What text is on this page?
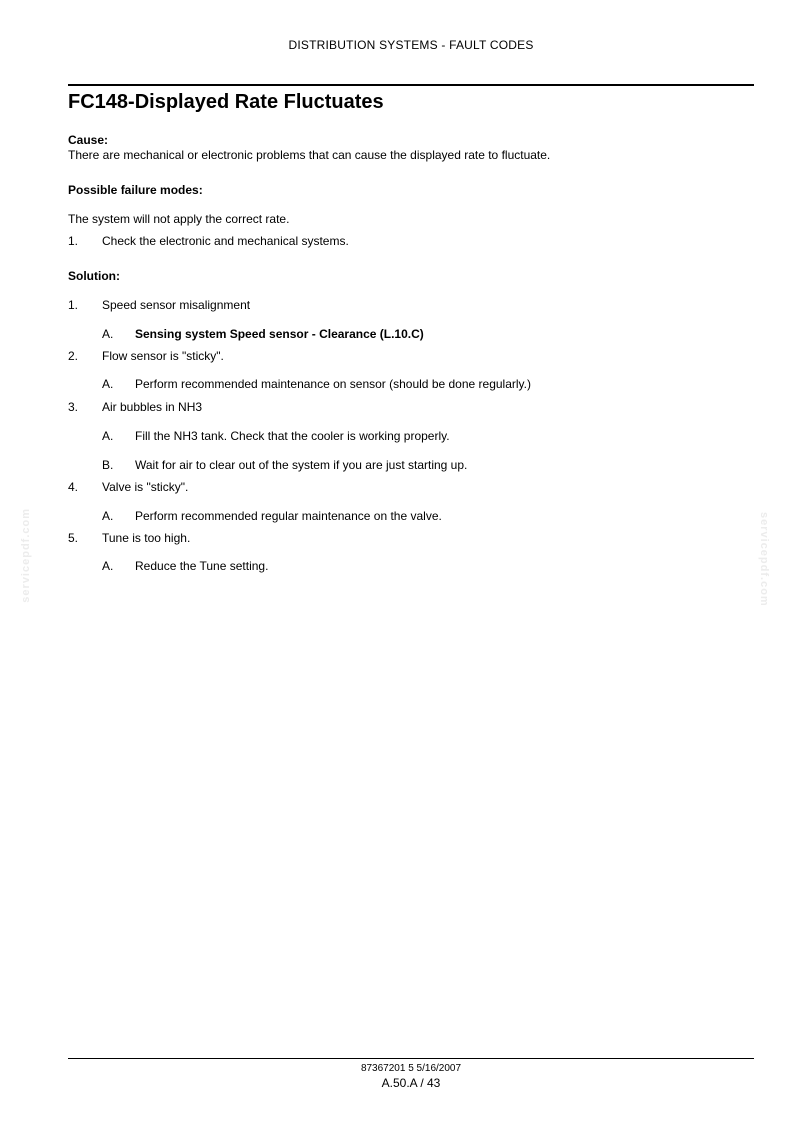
DISTRIBUTION SYSTEMS - FAULT CODES
FC148-Displayed Rate Fluctuates
Cause:
There are mechanical or electronic problems that can cause the displayed rate to fluctuate.
Possible failure modes:
The system will not apply the correct rate.
1. Check the electronic and mechanical systems.
Solution:
1. Speed sensor misalignment
A. Sensing system Speed sensor - Clearance (L.10.C)
2. Flow sensor is "sticky".
A. Perform recommended maintenance on sensor (should be done regularly.)
3. Air bubbles in NH3
A. Fill the NH3 tank. Check that the cooler is working properly.
B. Wait for air to clear out of the system if you are just starting up.
4. Valve is "sticky".
A. Perform recommended regular maintenance on the valve.
5. Tune is too high.
A. Reduce the Tune setting.
servicepdf.com	servicepdf.com
87367201 5 5/16/2007
A.50.A / 43
